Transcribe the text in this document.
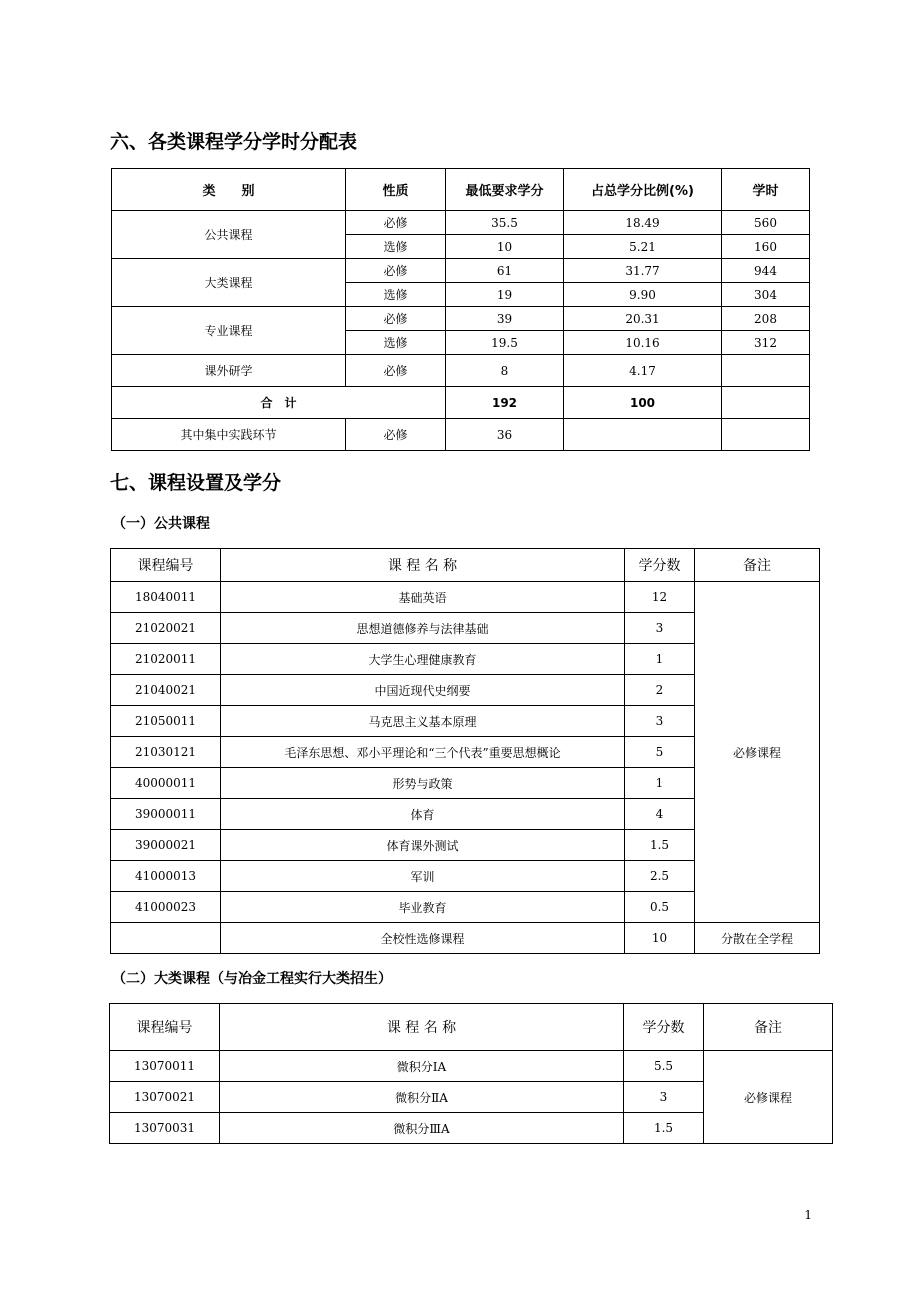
六、各类课程学分学时分配表
类　　别	性质	最低要求学分	占总学分比例(%)	学时
公共课程	必修	35.5	18.49	560
	选修	10	5.21	160
大类课程	必修	61	31.77	944
	选修	19	9.90	304
专业课程	必修	39	20.31	208
	选修	19.5	10.16	312
课外研学	必修	8	4.17	
合　计		192	100	
其中集中实践环节	必修	36		
七、课程设置及学分
（一）公共课程
课程编号	课 程 名 称	学分数	备注
18040011	基础英语	12	必修课程
21020021	思想道德修养与法律基础	3	
21020011	大学生心理健康教育	1	
21040021	中国近现代史纲要	2	
21050011	马克思主义基本原理	3	
21030121	毛泽东思想、邓小平理论和“三个代表”重要思想概论	5	
40000011	形势与政策	1	
39000011	体育	4	
39000021	体育课外测试	1.5	
41000013	军训	2.5	
41000023	毕业教育	0.5	
	全校性选修课程	10	分散在全学程
（二）大类课程（与冶金工程实行大类招生）
课程编号	课 程 名 称	学分数	备注
13070011	微积分ⅠA	5.5	必修课程
13070021	微积分ⅡA	3	
13070031	微积分ⅢA	1.5	
1
